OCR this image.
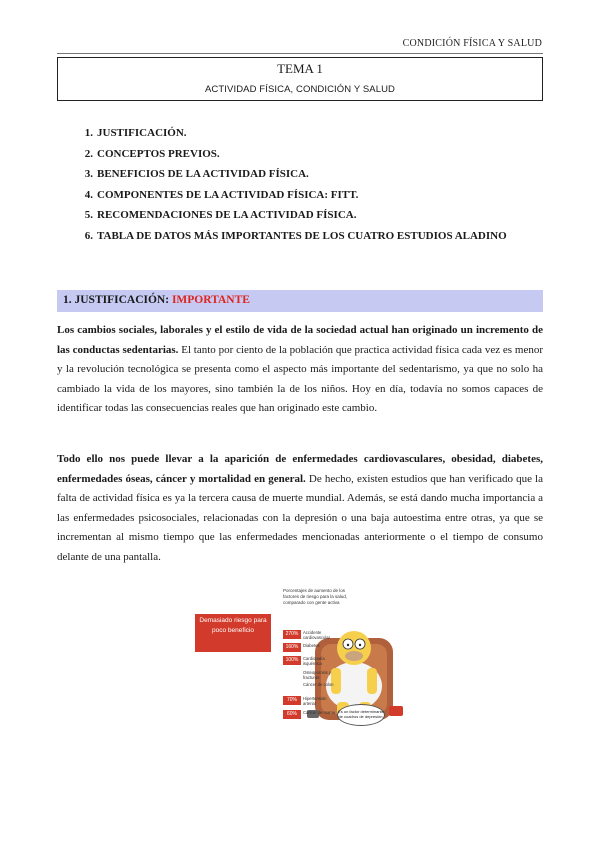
CONDICIÓN FÍSICA Y SALUD
TEMA 1
ACTIVIDAD FÍSICA, CONDICIÓN Y SALUD
1. JUSTIFICACIÓN.
2. CONCEPTOS PREVIOS.
3. BENEFICIOS DE LA ACTIVIDAD FÍSICA.
4. COMPONENTES DE LA ACTIVIDAD FÍSICA: FITT.
5. RECOMENDACIONES DE LA ACTIVIDAD FÍSICA.
6. TABLA DE DATOS MÁS IMPORTANTES DE LOS CUATRO ESTUDIOS ALADINO
1. JUSTIFICACIÓN: IMPORTANTE

Los cambios sociales, laborales y el estilo de vida de la sociedad actual han originado un incremento de las conductas sedentarias. El tanto por ciento de la población que practica actividad física cada vez es menor y la revolución tecnológica se presenta como el aspecto más importante del sedentarismo, ya que no solo ha cambiado la vida de los mayores, sino también la de los niños. Hoy en día, todavía no somos capaces de identificar todas las consecuencias reales que han originado este cambio.

Todo ello nos puede llevar a la aparición de enfermedades cardiovasculares, obesidad, diabetes, enfermedades óseas, cáncer y mortalidad en general. De hecho, existen estudios que han verificado que la falta de actividad física es ya la tercera causa de muerte mundial. Además, se está dando mucha importancia a las enfermedades psicosociales, relacionadas con la depresión o una baja autoestima entre otras, ya que se incrementan al mismo tiempo que las enfermedades mencionadas anteriormente o el tiempo de consumo delante de una pantalla.

Demasiado riesgo para poco beneficio
Porcentajes de aumento de los factores de riesgo para la salud, comparado con gente activa
270% Accidente cardiovascular
160% Diabetes
100% Cardiopatía isquémica
Osteoporosis y fracturas
Cáncer de colon
70% Hipertensión arterial
60% Cáncer de mama Es un factor determinante de cuadros de depresión.
